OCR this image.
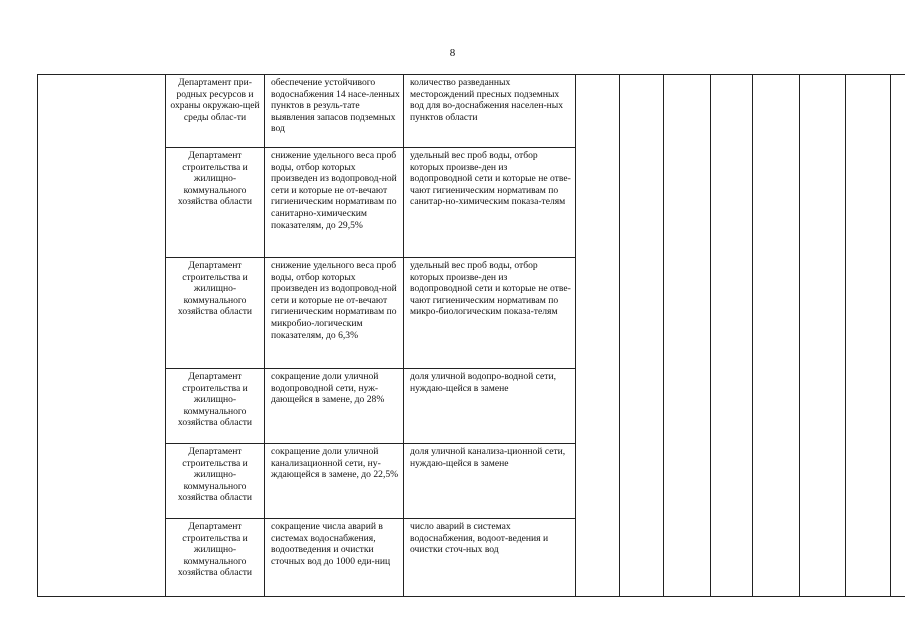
8
	Департамент при-родных ресурсов и охраны окружаю-щей среды облас-ти	обеспечение устойчивого водоснабжения 14 насе-ленных пунктов в резуль-тате выявления запасов подземных вод	количество разведанных месторождений пресных подземных вод для во-доснабжения населен-ных пунктов области								
	Департамент строительства и жилищно-коммунального хозяйства области	снижение удельного веса проб воды, отбор которых произведен из водопровод-ной сети и которые не от-вечают гигиеническим нормативам по санитарно-химическим показателям, до 29,5%	удельный вес проб воды, отбор которых произве-ден из водопроводной сети и которые не отве-чают гигиеническим нормативам по санитар-но-химическим показа-телям								
	Департамент строительства и жилищно-коммунального хозяйства области	снижение удельного веса проб воды, отбор которых произведен из водопровод-ной сети и которые не от-вечают гигиеническим нормативам по микробио-логическим показателям, до 6,3%	удельный вес проб воды, отбор которых произве-ден из водопроводной сети и которые не отве-чают гигиеническим нормативам по микро-биологическим показа-телям								
	Департамент строительства и жилищно-коммунального хозяйства области	сокращение доли уличной водопроводной сети, нуж-дающейся в замене, до 28%	доля уличной водопро-водной сети, нуждаю-щейся в замене								
	Департамент строительства и жилищно-коммунального хозяйства области	сокращение доли уличной канализационной сети, ну-ждающейся в замене, до 22,5%	доля уличной канализа-ционной сети, нуждаю-щейся в замене								
	Департамент строительства и жилищно-коммунального хозяйства области	сокращение числа аварий в системах водоснабжения, водоотведения и очистки сточных вод до 1000 еди-ниц	число аварий в системах водоснабжения, водоот-ведения и очистки сточ-ных вод								
